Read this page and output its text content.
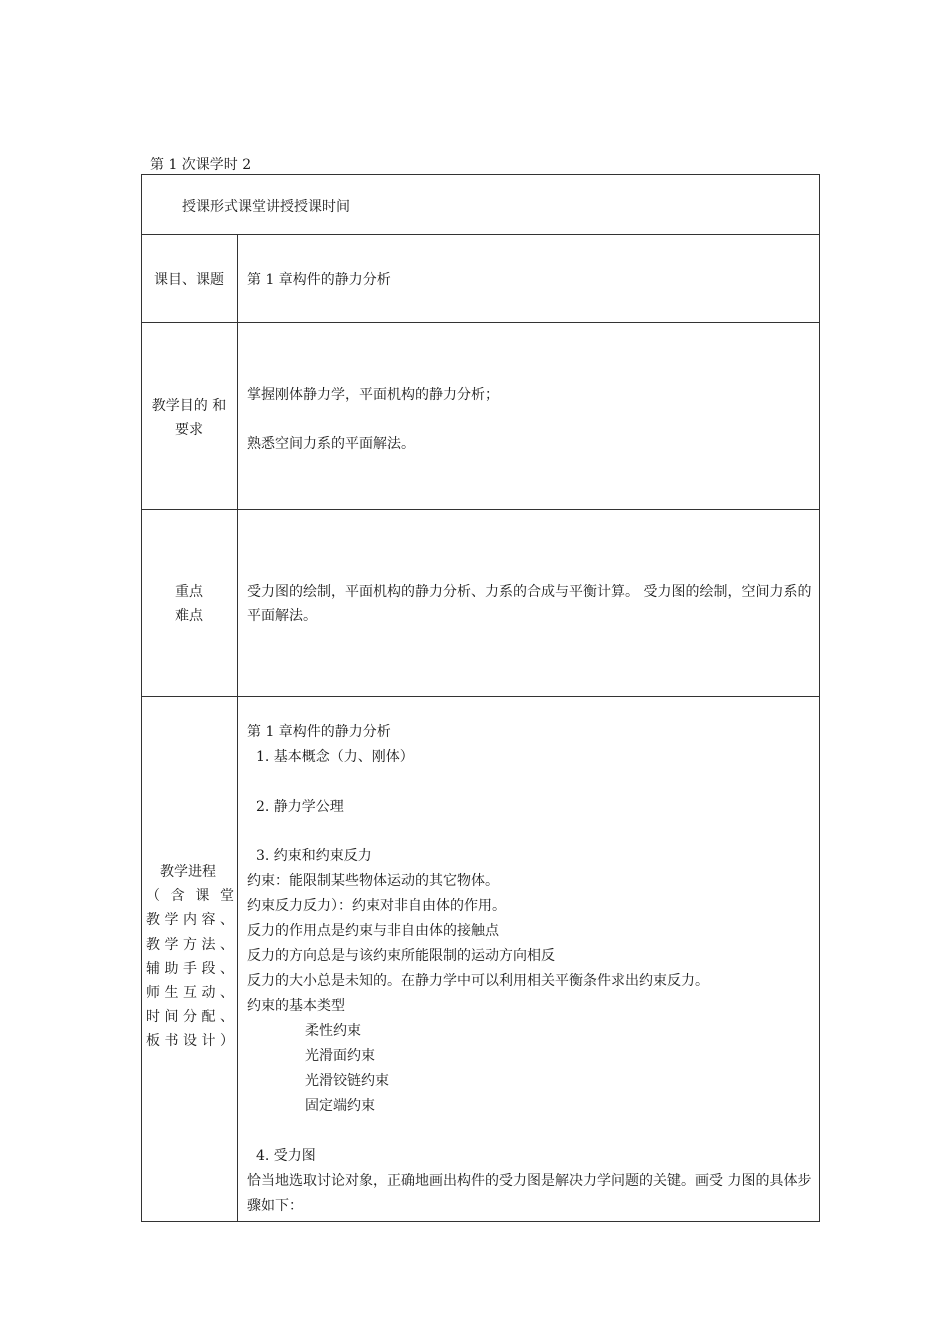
第 1 次课学时 2
授课形式课堂讲授授课时间
课目、课题	第 1 章构件的静力分析
教学目的 和
要求
掌握刚体静力学，平面机构的静力分析；
熟悉空间力系的平面解法。
重点
难点
受力图的绘制，平面机构的静力分析、力系的合成与平衡计算。 受力图的绘制，空间力系的平面解法。
教学进程
（ 含 课 堂
教学内容、
教学方法、
辅助手段、
师生互动、
时间分配、
板书设计）
第 1 章构件的静力分析
1. 基本概念（力、刚体）
2. 静力学公理
3. 约束和约束反力
约束：能限制某些物体运动的其它物体。
约束反力反力）：约束对非自由体的作用。
反力的作用点是约束与非自由体的接触点
反力的方向总是与该约束所能限制的运动方向相反
反力的大小总是未知的。在静力学中可以利用相关平衡条件求出约束反力。
约束的基本类型
柔性约束
光滑面约束
光滑铰链约束
固定端约束
4. 受力图
恰当地选取讨论对象，正确地画出构件的受力图是解决力学问题的关键。画受 力图的具体步骤如下：
